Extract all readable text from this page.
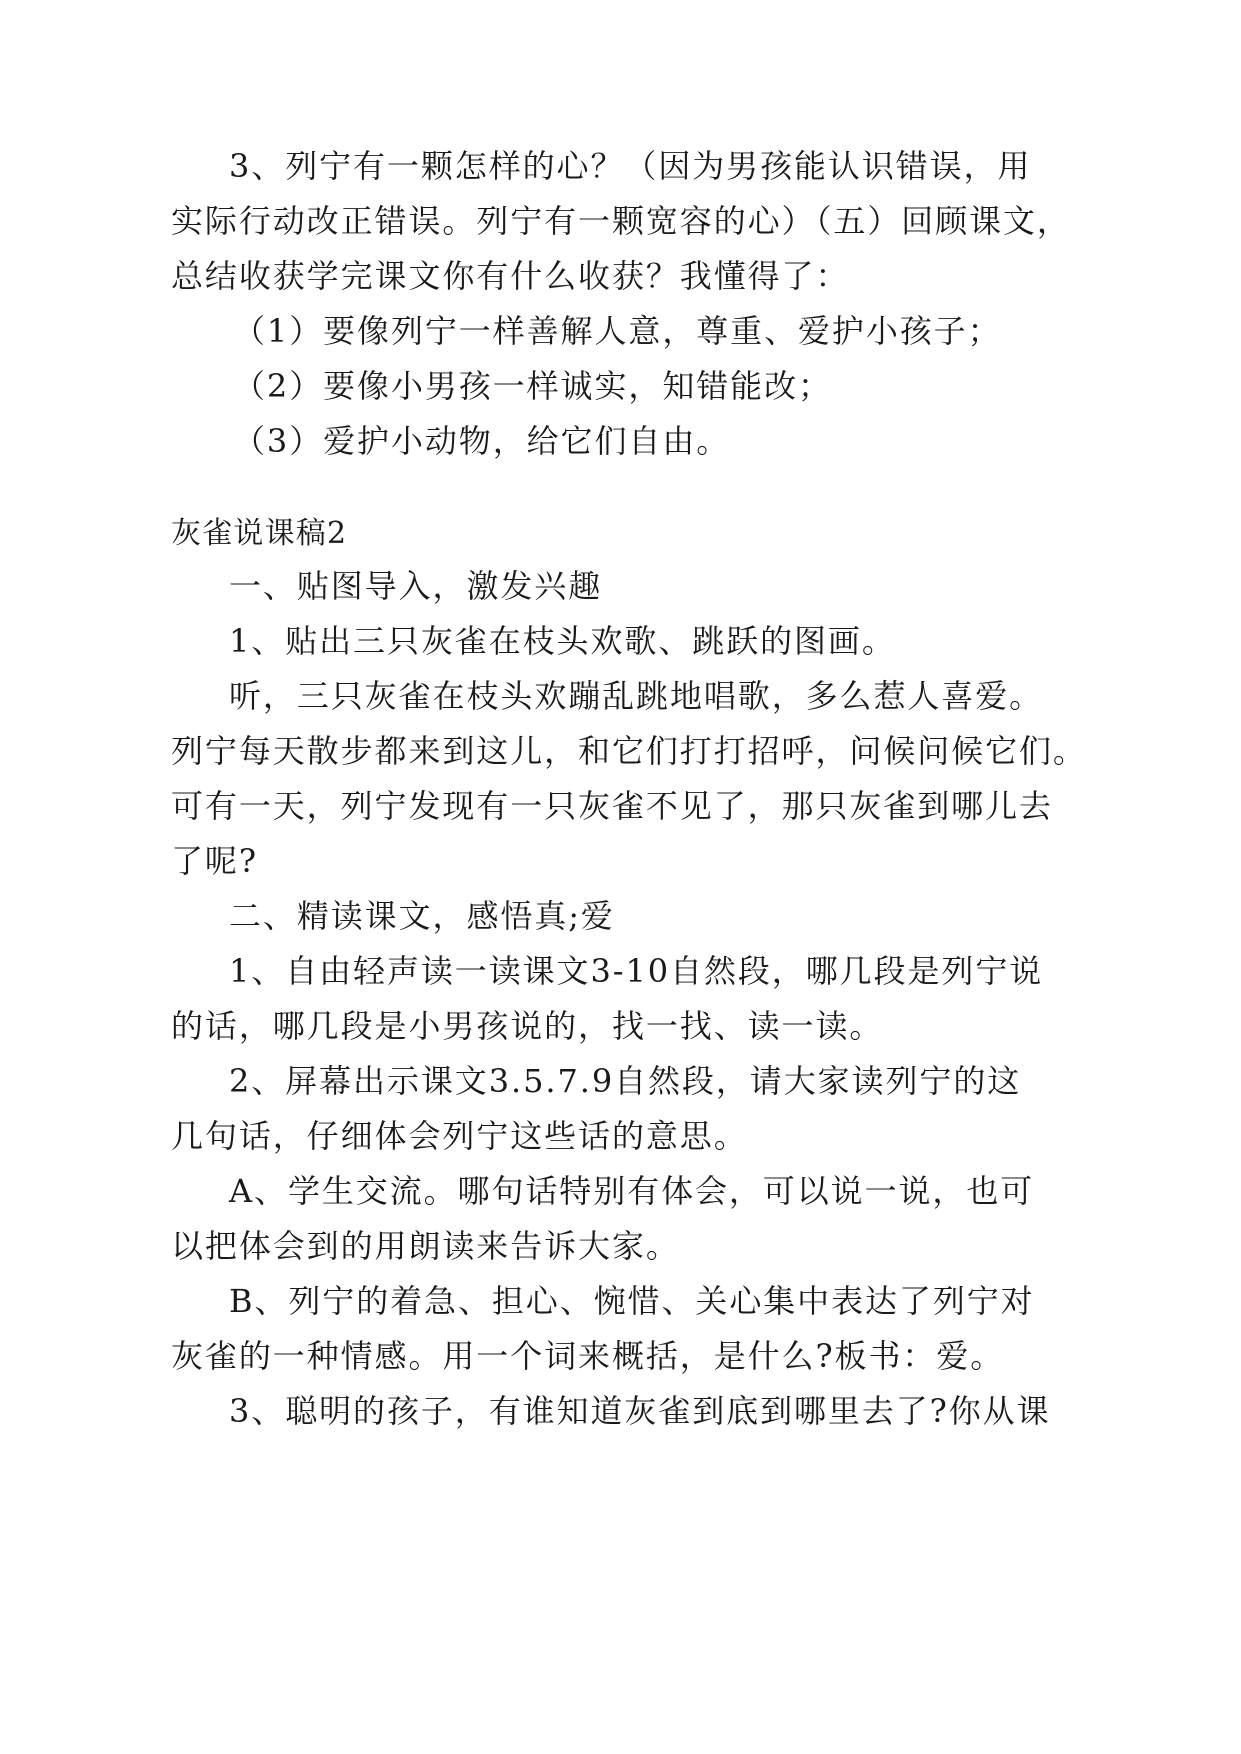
3、列宁有一颗怎样的心？（因为男孩能认识错误，用
实际行动改正错误。列宁有一颗宽容的心）（五）回顾课文，
总结收获学完课文你有什么收获？我懂得了：
（1）要像列宁一样善解人意，尊重、爱护小孩子；
（2）要像小男孩一样诚实，知错能改；
（3）爱护小动物，给它们自由。
灰雀说课稿2
一、贴图导入，激发兴趣
1、贴出三只灰雀在枝头欢歌、跳跃的图画。
听，三只灰雀在枝头欢蹦乱跳地唱歌，多么惹人喜爱。
列宁每天散步都来到这儿，和它们打打招呼，问候问候它们。
可有一天，列宁发现有一只灰雀不见了，那只灰雀到哪儿去
了呢?
二、精读课文，感悟真;爱
1、自由轻声读一读课文3-10自然段，哪几段是列宁说
的话，哪几段是小男孩说的，找一找、读一读。
2、屏幕出示课文3.5.7.9自然段，请大家读列宁的这
几句话，仔细体会列宁这些话的意思。
A、学生交流。哪句话特别有体会，可以说一说，也可
以把体会到的用朗读来告诉大家。
B、列宁的着急、担心、惋惜、关心集中表达了列宁对
灰雀的一种情感。用一个词来概括，是什么?板书：爱。
3、聪明的孩子，有谁知道灰雀到底到哪里去了?你从课
